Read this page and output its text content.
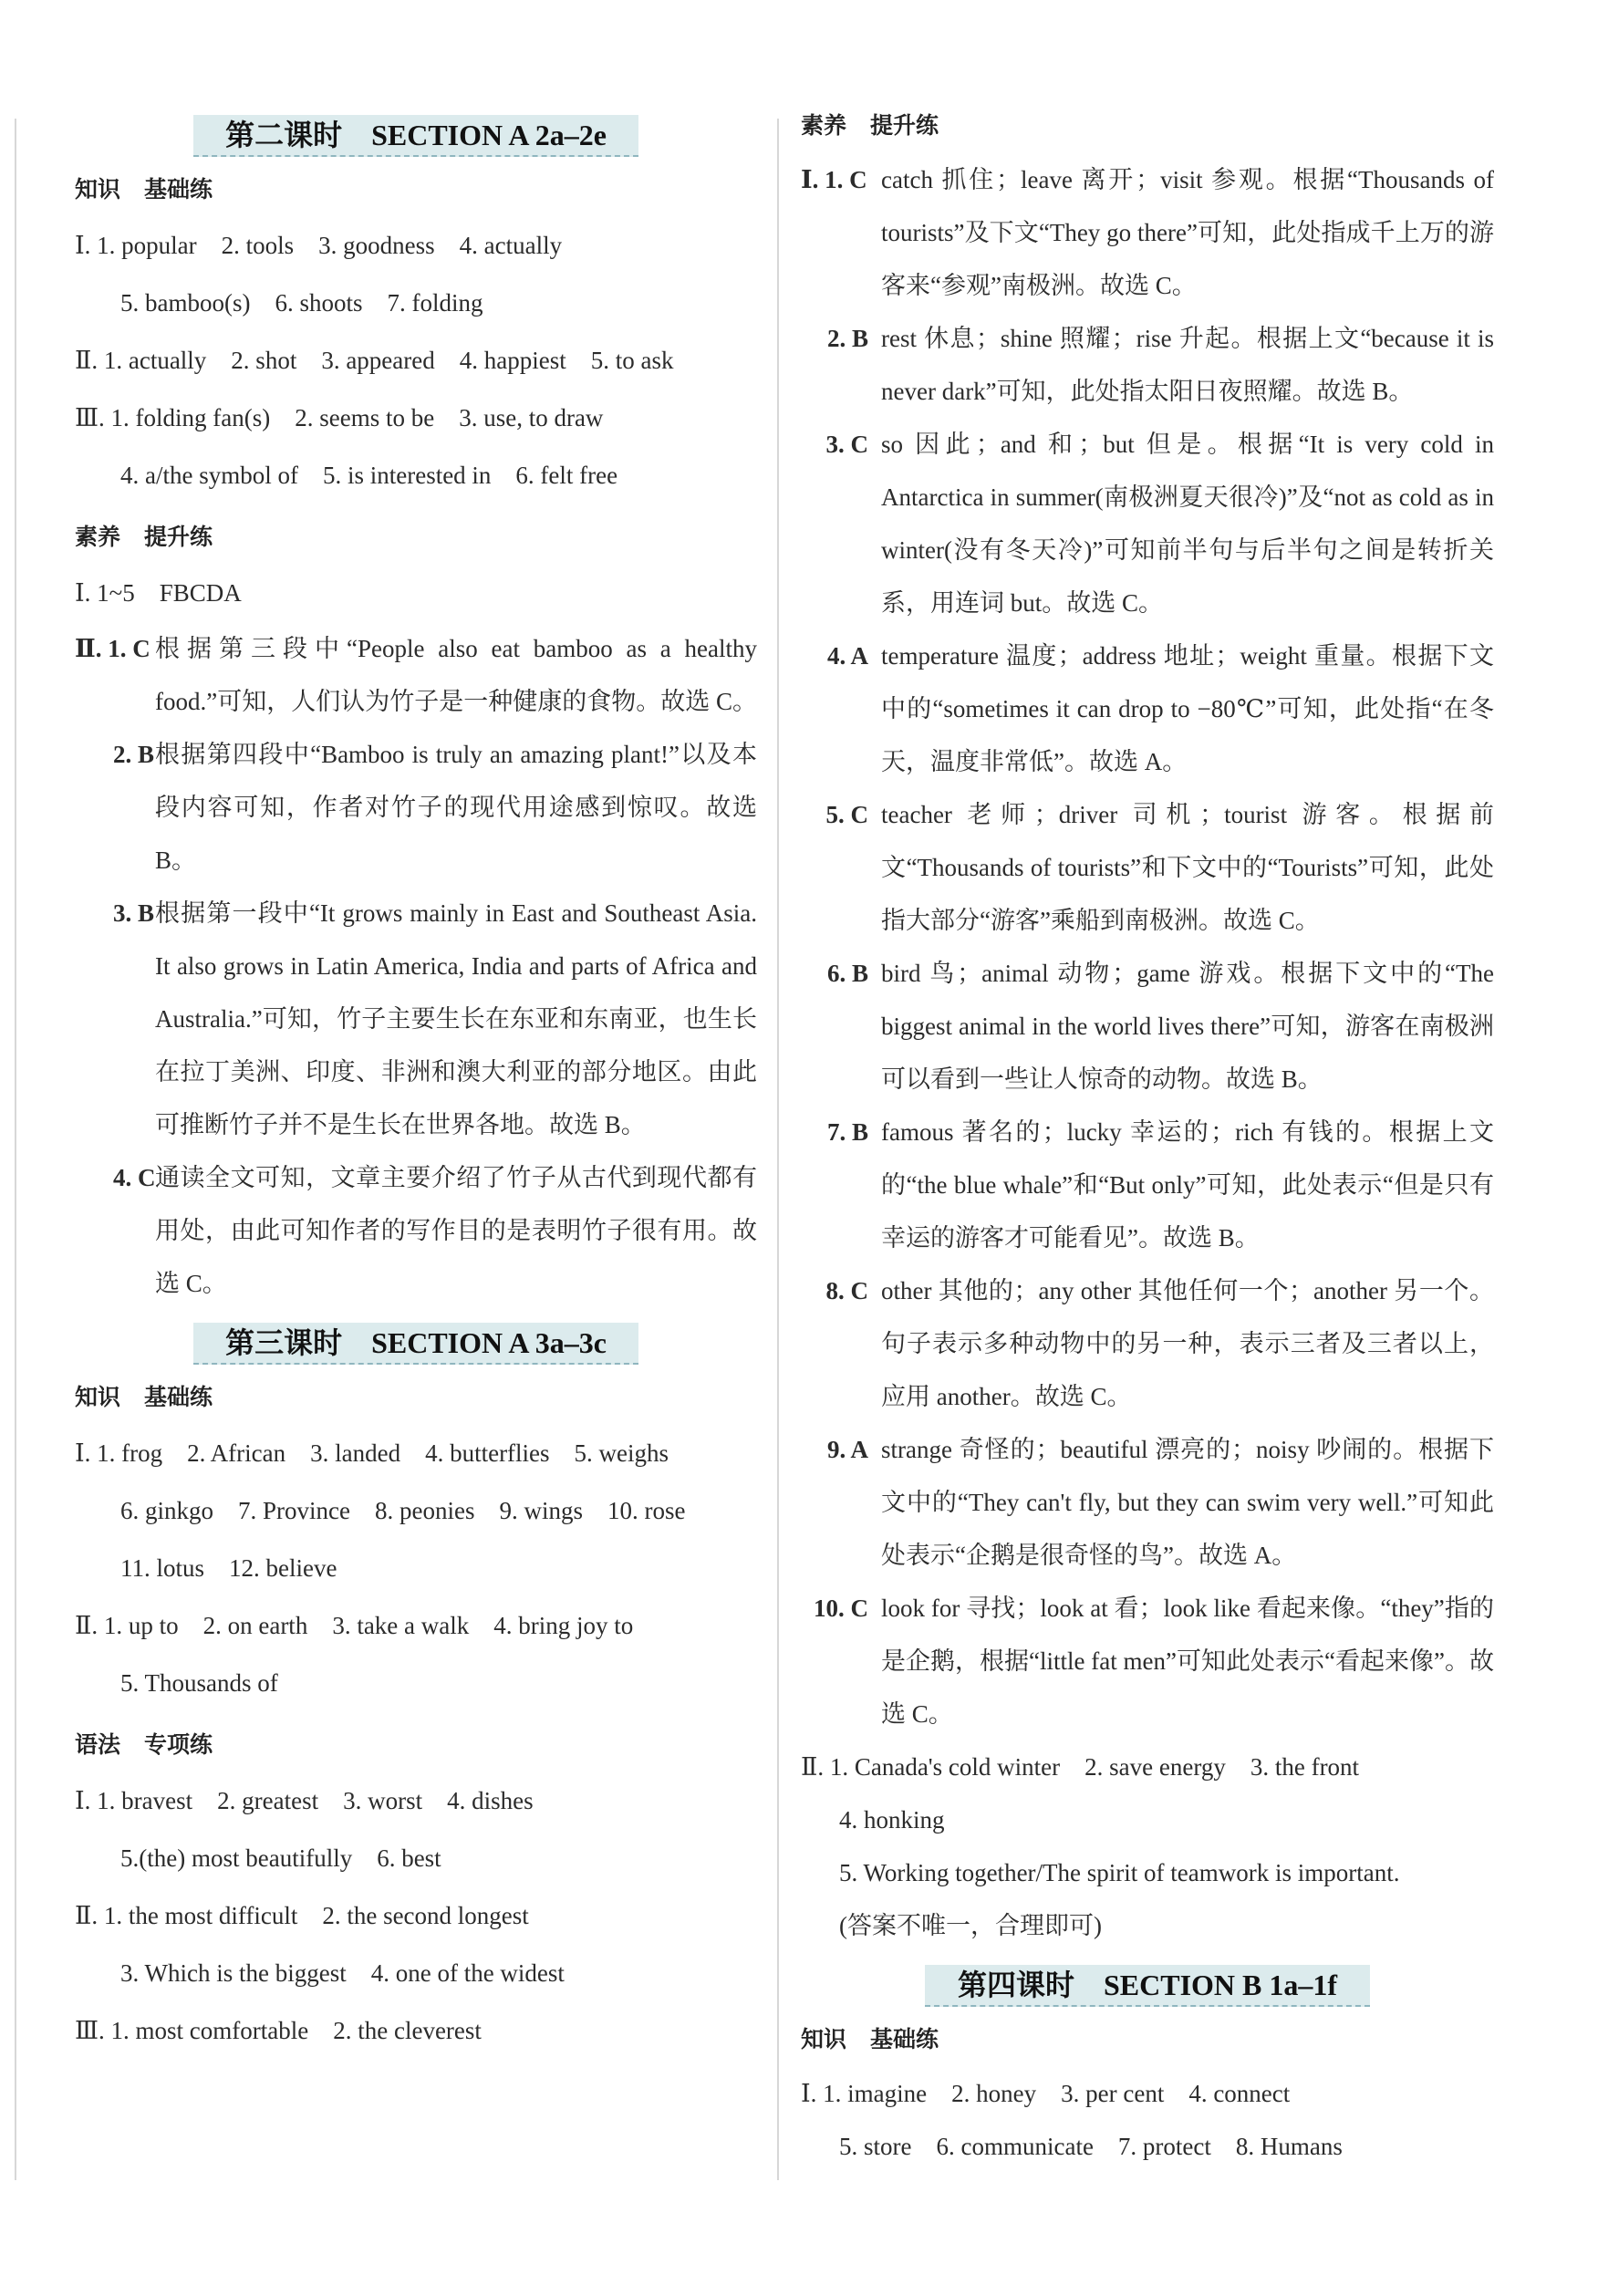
第二课时　SECTION A 2a–2e
知识 基础练
Ⅰ. 1. popular　2. tools　3. goodness　4. actually
5. bamboo(s)　6. shoots　7. folding
Ⅱ. 1. actually　2. shot　3. appeared　4. happiest　5. to ask
Ⅲ. 1. folding fan(s)　2. seems to be　3. use, to draw
4. a/the symbol of　5. is interested in　6. felt free
素养 提升练
Ⅰ. 1~5　FBCDA
Ⅱ. 1. C 根据第三段中“People also eat bamboo as a healthy food.”可知，人们认为竹子是一种健康的食物。故选 C。
2. B 根据第四段中“Bamboo is truly an amazing plant!”以及本段内容可知，作者对竹子的现代用途感到惊叹。故选 B。
3. B 根据第一段中“It grows mainly in East and Southeast Asia. It also grows in Latin America, India and parts of Africa and Australia.”可知，竹子主要生长在东亚和东南亚，也生长在拉丁美洲、印度、非洲和澳大利亚的部分地区。由此可推断竹子并不是生长在世界各地。故选 B。
4. C 通读全文可知，文章主要介绍了竹子从古代到现代都有用处，由此可知作者的写作目的是表明竹子很有用。故选 C。
第三课时　SECTION A 3a–3c
知识 基础练
Ⅰ. 1. frog　2. African　3. landed　4. butterflies　5. weighs
6. ginkgo　7. Province　8. peonies　9. wings　10. rose
11. lotus　12. believe
Ⅱ. 1. up to　2. on earth　3. take a walk　4. bring joy to
5. Thousands of
语法 专项练
Ⅰ. 1. bravest　2. greatest　3. worst　4. dishes
5.(the) most beautifully　6. best
Ⅱ. 1. the most difficult　2. the second longest
3. Which is the biggest　4. one of the widest
Ⅲ. 1. most comfortable　2. the cleverest
素养 提升练
Ⅰ. 1. C catch 抓住；leave 离开；visit 参观。根据“Thousands of tourists”及下文“They go there”可知，此处指成千上万的游客来“参观”南极洲。故选 C。
2. B rest 休息；shine 照耀；rise 升起。根据上文“because it is never dark”可知，此处指太阳日夜照耀。故选 B。
3. C so 因此；and 和；but 但是。根据“It is very cold in Antarctica in summer(南极洲夏天很冷)”及“not as cold as in winter(没有冬天冷)”可知前半句与后半句之间是转折关系，用连词 but。故选 C。
4. A temperature 温度；address 地址；weight 重量。根据下文中的“sometimes it can drop to −80℃”可知，此处指“在冬天，温度非常低”。故选 A。
5. C teacher 老师；driver 司机；tourist 游客。根据前文“Thousands of tourists”和下文中的“Tourists”可知，此处指大部分“游客”乘船到南极洲。故选 C。
6. B bird 鸟；animal 动物；game 游戏。根据下文中的“The biggest animal in the world lives there”可知，游客在南极洲可以看到一些让人惊奇的动物。故选 B。
7. B famous 著名的；lucky 幸运的；rich 有钱的。根据上文的“the blue whale”和“But only”可知，此处表示“但是只有幸运的游客才可能看见”。故选 B。
8. C other 其他的；any other 其他任何一个；another 另一个。句子表示多种动物中的另一种，表示三者及三者以上，应用 another。故选 C。
9. A strange 奇怪的；beautiful 漂亮的；noisy 吵闹的。根据下文中的“They can't fly, but they can swim very well.”可知此处表示“企鹅是很奇怪的鸟”。故选 A。
10. C look for 寻找；look at 看；look like 看起来像。“they”指的是企鹅，根据“little fat men”可知此处表示“看起来像”。故选 C。
Ⅱ. 1. Canada's cold winter　2. save energy　3. the front
4. honking
5. Working together/The spirit of teamwork is important.
(答案不唯一，合理即可)
第四课时　SECTION B 1a–1f
知识 基础练
Ⅰ. 1. imagine　2. honey　3. per cent　4. connect
5. store　6. communicate　7. protect　8. Humans
